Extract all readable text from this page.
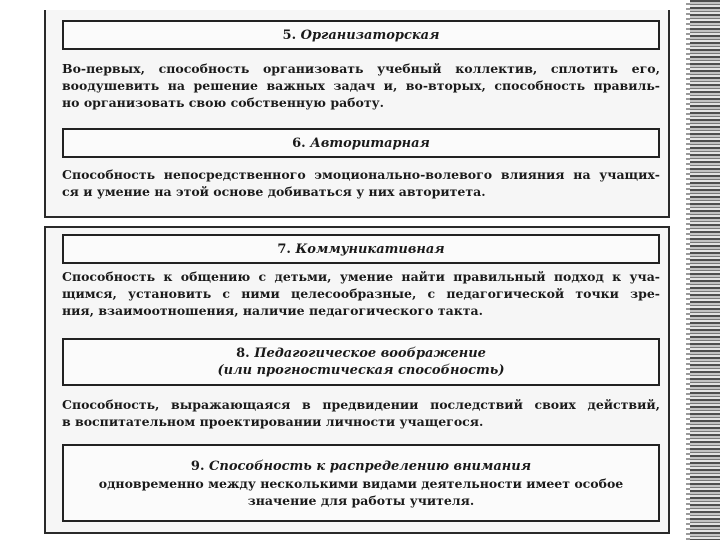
5. Организаторская
Во-первых, способность организовать учебный коллектив, сплотить его,
воодушевить на решение важных задач и, во-вторых, способность правиль-
но организовать свою собственную работу.
6. Авторитарная
Способность непосредственного эмоционально-волевого влияния на учащих-
ся и умение на этой основе добиваться у них авторитета.
7. Коммуникативная
Способность к общению с детьми, умение найти правильный подход к уча-
щимся, установить с ними целесообразные, с педагогической точки зре-
ния, взаимоотношения, наличие педагогического такта.
8. Педагогическое воображение
(или прогностическая способность)
Способность, выражающаяся в предвидении последствий своих действий,
в воспитательном проектировании личности учащегося.
9. Способность к распределению внимания
одновременно между несколькими видами деятельности имеет особое
значение для работы учителя.
